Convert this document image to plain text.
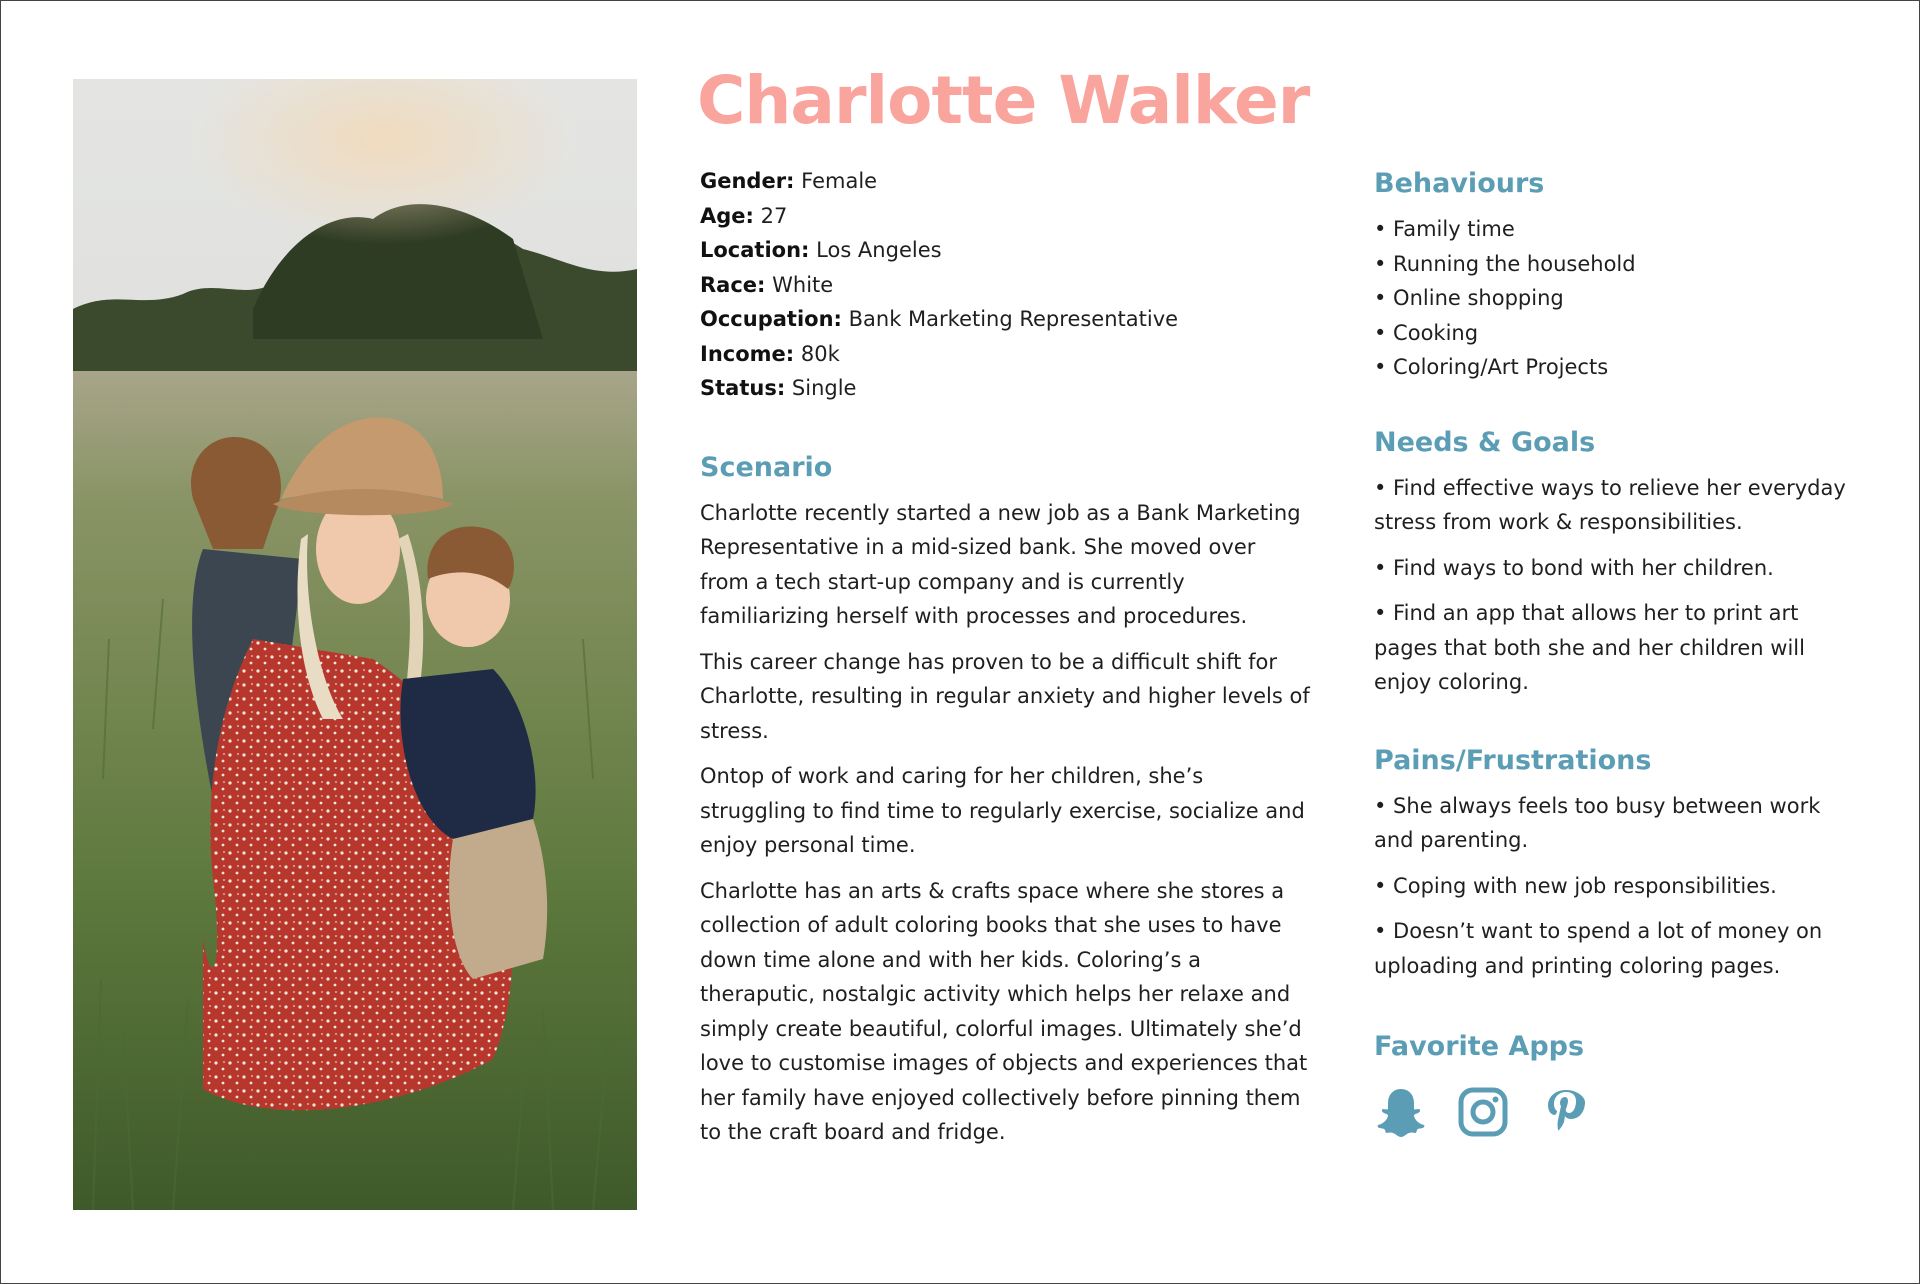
Charlotte Walker
Gender: Female
Age: 27
Location: Los Angeles
Race: White
Occupation: Bank Marketing Representative
Income: 80k
Status: Single
Scenario

Charlotte recently started a new job as a Bank Marketing Representative in a mid-sized bank. She moved over from a tech start-up company and is currently familiarizing herself with processes and procedures.

This career change has proven to be a difficult shift for Charlotte, resulting in regular anxiety and higher levels of stress.

Ontop of work and caring for her children, she’s struggling to find time to regularly exercise, socialize and enjoy personal time.

Charlotte has an arts & crafts space where she stores a collection of adult coloring books that she uses to have down time alone and with her kids. Coloring’s a theraputic, nostalgic activity which helps her relaxe and simply create beautiful, colorful images. Ultimately she’d love to customise images of objects and experiences that her family have enjoyed collectively before pinning them to the craft board and fridge.

Behaviours
• Family time
• Running the household
• Online shopping
• Cooking
• Coloring/Art Projects
Needs & Goals
• Find effective ways to relieve her everyday stress from work & responsibilities.
• Find ways to bond with her children.
• Find an app that allows her to print art pages that both she and her children will enjoy coloring.
Pains/Frustrations
• She always feels too busy between work and parenting.
• Coping with new job responsibilities.
• Doesn’t want to spend a lot of money on uploading and printing coloring pages.
Favorite Apps
